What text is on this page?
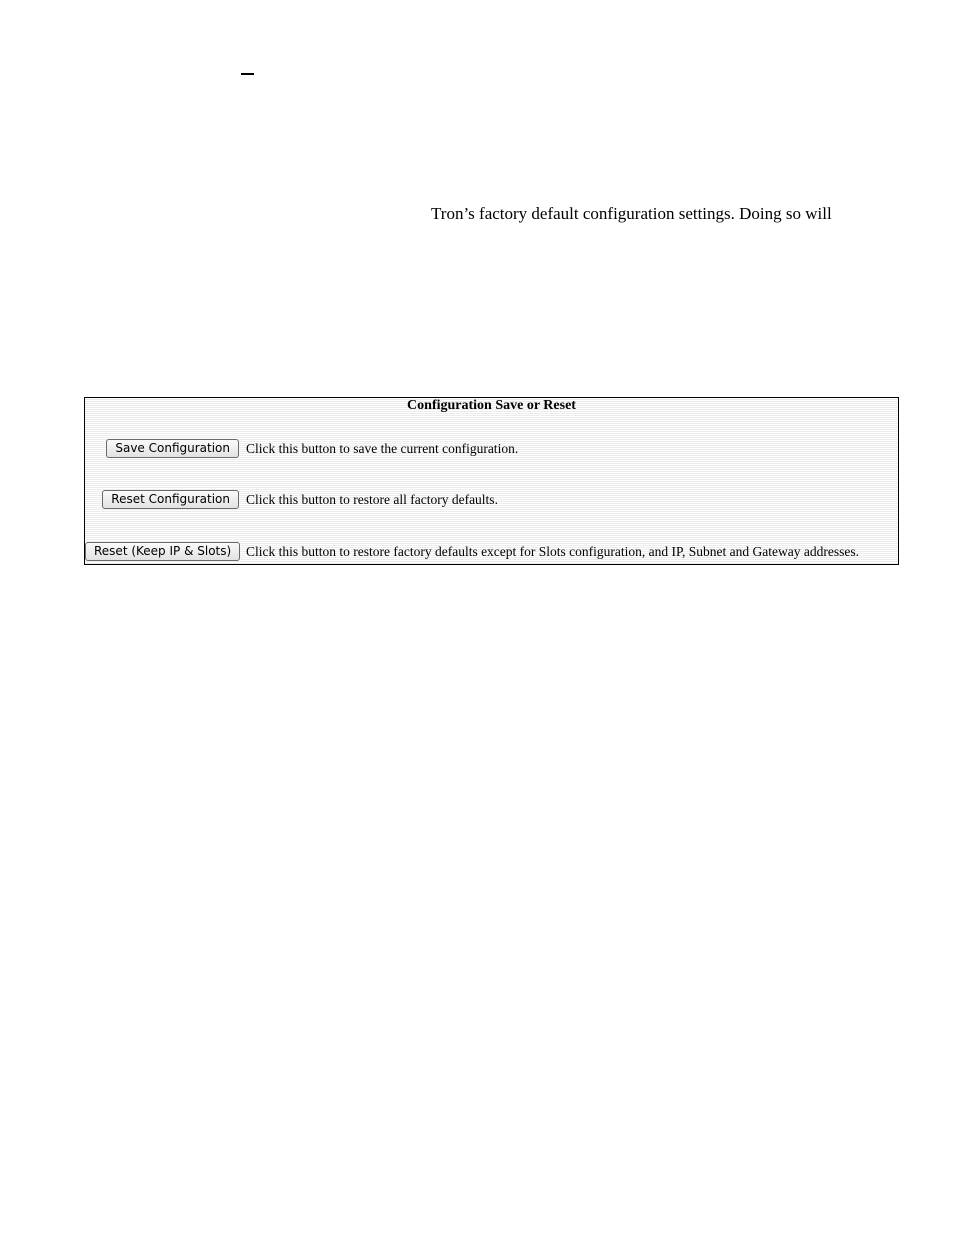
Tron’s factory default configuration settings. Doing so will
Configuration Save or Reset
Save Configuration	Click this button to save the current configuration.
Reset Configuration	Click this button to restore all factory defaults.
Reset (Keep IP & Slots)	Click this button to restore factory defaults except for Slots configuration, and IP, Subnet and Gateway addresses.
